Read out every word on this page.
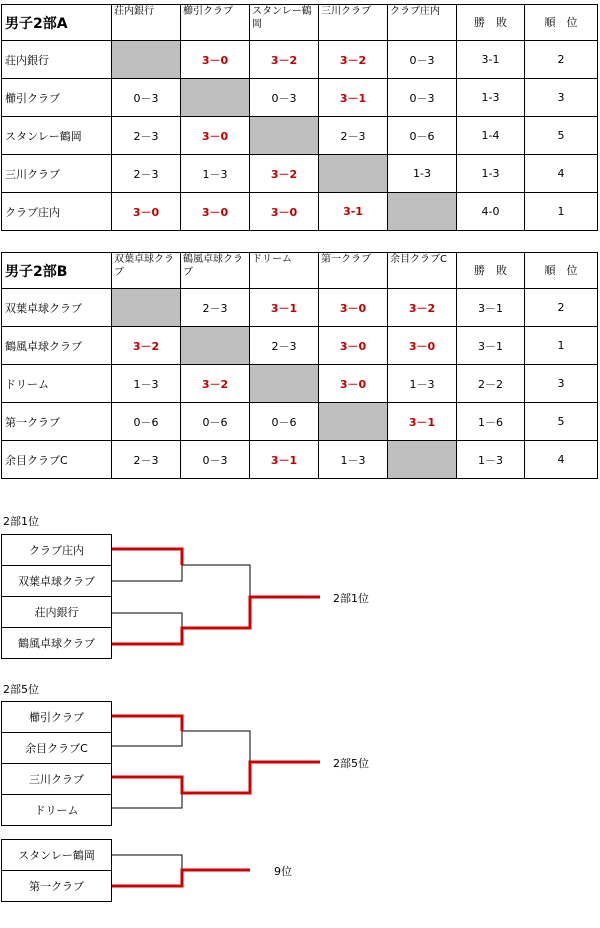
男子2部A	荘内銀行	櫛引クラブ	スタンレー鶴岡	三川クラブ	クラブ庄内	勝　敗	順　位
荘内銀行		3－0	3－2	3－2	0－3	3-1	2
櫛引クラブ	0－3		0－3	3－1	0－3	1-3	3
スタンレー鶴岡	2－3	3－0		2－3	0－6	1-4	5
三川クラブ	2－3	1－3	3－2		1-3	1-3	4
クラブ庄内	3－0	3－0	3－0	3-1		4-0	1
男子2部B	双葉卓球クラブ	鶴風卓球クラブ	ドリーム	第一クラブ	余目クラブC	勝　敗	順　位
双葉卓球クラブ		2－3	3－1	3－0	3－2	3－1	2
鶴風卓球クラブ	3－2		2－3	3－0	3－0	3－1	1
ドリーム	1－3	3－2		3－0	1－3	2－2	3
第一クラブ	0－6	0－6	0－6		3－1	1－6	5
余目クラブC	2－3	0－3	3－1	1－3		1－3	4
2部1位
クラブ庄内
双葉卓球クラブ
荘内銀行
鶴風卓球クラブ
2部1位
2部5位
櫛引クラブ
余目クラブC
三川クラブ
ドリーム
2部5位
スタンレー鶴岡
第一クラブ
9位
